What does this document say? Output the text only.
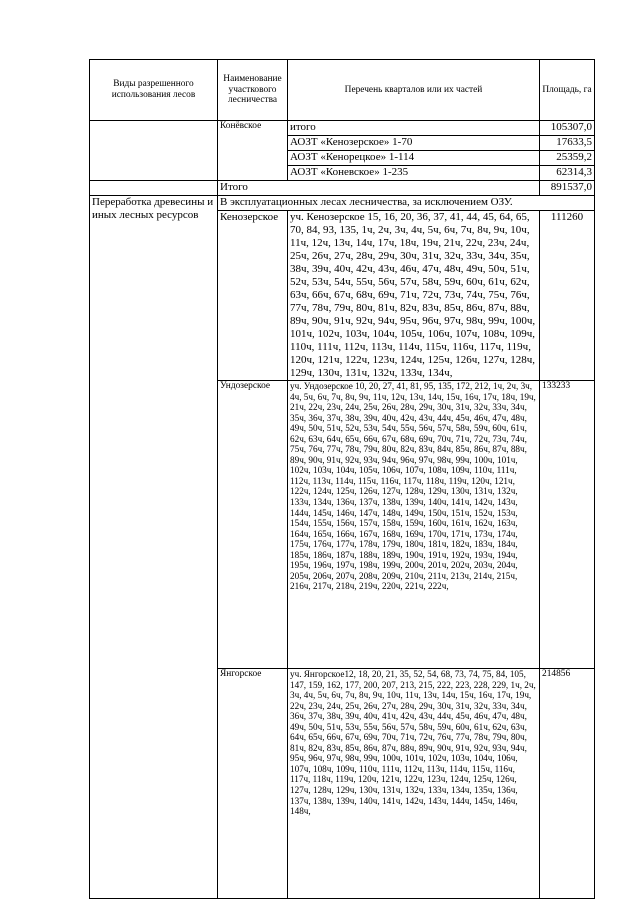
Виды разрешенного использования лесов	Наименование участкового лесничества	Перечень кварталов или их частей	Площадь, га
	Конёвское	итого	105307,0
		АОЗТ «Кенозерское» 1-70	17633,5
		АОЗТ «Кенорецкое» 1-114	25359,2
		АОЗТ «Коневское» 1-235	62314,3
	Итого		891537,0
Переработка древесины и иных лесных ресурсов	В эксплуатационных лесах лесничества, за исключением ОЗУ.		
	Кенозерское	уч. Кенозерское 15, 16, 20, 36, 37, 41, 44, 45, 64, 65, 70, 84, 93, 135, 1ч, 2ч, 3ч, 4ч, 5ч, 6ч, 7ч, 8ч, 9ч, 10ч, 11ч, 12ч, 13ч, 14ч, 17ч, 18ч, 19ч, 21ч, 22ч, 23ч, 24ч, 25ч, 26ч, 27ч, 28ч, 29ч, 30ч, 31ч, 32ч, 33ч, 34ч, 35ч, 38ч, 39ч, 40ч, 42ч, 43ч, 46ч, 47ч, 48ч, 49ч, 50ч, 51ч, 52ч, 53ч, 54ч, 55ч, 56ч, 57ч, 58ч, 59ч, 60ч, 61ч, 62ч, 63ч, 66ч, 67ч, 68ч, 69ч, 71ч, 72ч, 73ч, 74ч, 75ч, 76ч, 77ч, 78ч, 79ч, 80ч, 81ч, 82ч, 83ч, 85ч, 86ч, 87ч, 88ч, 89ч, 90ч, 91ч, 92ч, 94ч, 95ч, 96ч, 97ч, 98ч, 99ч, 100ч, 101ч, 102ч, 103ч, 104ч, 105ч, 106ч, 107ч, 108ч, 109ч, 110ч, 111ч, 112ч, 113ч, 114ч, 115ч, 116ч, 117ч, 119ч, 120ч, 121ч, 122ч, 123ч, 124ч, 125ч, 126ч, 127ч, 128ч, 129ч, 130ч, 131ч, 132ч, 133ч, 134ч,	111260
	Ундозерское	уч. Ундозерское 10, 20, 27, 41, 81, 95, 135, 172, 212, 1ч, 2ч, 3ч, 4ч, 5ч, 6ч, 7ч, 8ч, 9ч, 11ч, 12ч, 13ч, 14ч, 15ч, 16ч, 17ч, 18ч, 19ч, 21ч, 22ч, 23ч, 24ч, 25ч, 26ч, 28ч, 29ч, 30ч, 31ч, 32ч, 33ч, 34ч, 35ч, 36ч, 37ч, 38ч, 39ч, 40ч, 42ч, 43ч, 44ч, 45ч, 46ч, 47ч, 48ч, 49ч, 50ч, 51ч, 52ч, 53ч, 54ч, 55ч, 56ч, 57ч, 58ч, 59ч, 60ч, 61ч, 62ч, 63ч, 64ч, 65ч, 66ч, 67ч, 68ч, 69ч, 70ч, 71ч, 72ч, 73ч, 74ч, 75ч, 76ч, 77ч, 78ч, 79ч, 80ч, 82ч, 83ч, 84ч, 85ч, 86ч, 87ч, 88ч, 89ч, 90ч, 91ч, 92ч, 93ч, 94ч, 96ч, 97ч, 98ч, 99ч, 100ч, 101ч, 102ч, 103ч, 104ч, 105ч, 106ч, 107ч, 108ч, 109ч, 110ч, 111ч, 112ч, 113ч, 114ч, 115ч, 116ч, 117ч, 118ч, 119ч, 120ч, 121ч, 122ч, 124ч, 125ч, 126ч, 127ч, 128ч, 129ч, 130ч, 131ч, 132ч, 133ч, 134ч, 136ч, 137ч, 138ч, 139ч, 140ч, 141ч, 142ч, 143ч, 144ч, 145ч, 146ч, 147ч, 148ч, 149ч, 150ч, 151ч, 152ч, 153ч, 154ч, 155ч, 156ч, 157ч, 158ч, 159ч, 160ч, 161ч, 162ч, 163ч, 164ч, 165ч, 166ч, 167ч, 168ч, 169ч, 170ч, 171ч, 173ч, 174ч, 175ч, 176ч, 177ч, 178ч, 179ч, 180ч, 181ч, 182ч, 183ч, 184ч, 185ч, 186ч, 187ч, 188ч, 189ч, 190ч, 191ч, 192ч, 193ч, 194ч, 195ч, 196ч, 197ч, 198ч, 199ч, 200ч, 201ч, 202ч, 203ч, 204ч, 205ч, 206ч, 207ч, 208ч, 209ч, 210ч, 211ч, 213ч, 214ч, 215ч, 216ч, 217ч, 218ч, 219ч, 220ч, 221ч, 222ч,	133233
	Янгорское	уч. Янгорское12, 18, 20, 21, 35, 52, 54, 68, 73, 74, 75, 84, 105, 147, 159, 162, 177, 200, 207, 213, 215, 222, 223, 228, 229, 1ч, 2ч, 3ч, 4ч, 5ч, 6ч, 7ч, 8ч, 9ч, 10ч, 11ч, 13ч, 14ч, 15ч, 16ч, 17ч, 19ч, 22ч, 23ч, 24ч, 25ч, 26ч, 27ч, 28ч, 29ч, 30ч, 31ч, 32ч, 33ч, 34ч, 36ч, 37ч, 38ч, 39ч, 40ч, 41ч, 42ч, 43ч, 44ч, 45ч, 46ч, 47ч, 48ч, 49ч, 50ч, 51ч, 53ч, 55ч, 56ч, 57ч, 58ч, 59ч, 60ч, 61ч, 62ч, 63ч, 64ч, 65ч, 66ч, 67ч, 69ч, 70ч, 71ч, 72ч, 76ч, 77ч, 78ч, 79ч, 80ч, 81ч, 82ч, 83ч, 85ч, 86ч, 87ч, 88ч, 89ч, 90ч, 91ч, 92ч, 93ч, 94ч, 95ч, 96ч, 97ч, 98ч, 99ч, 100ч, 101ч, 102ч, 103ч, 104ч, 106ч, 107ч, 108ч, 109ч, 110ч, 111ч, 112ч, 113ч, 114ч, 115ч, 116ч, 117ч, 118ч, 119ч, 120ч, 121ч, 122ч, 123ч, 124ч, 125ч, 126ч, 127ч, 128ч, 129ч, 130ч, 131ч, 132ч, 133ч, 134ч, 135ч, 136ч, 137ч, 138ч, 139ч, 140ч, 141ч, 142ч, 143ч, 144ч, 145ч, 146ч, 148ч,	214856
